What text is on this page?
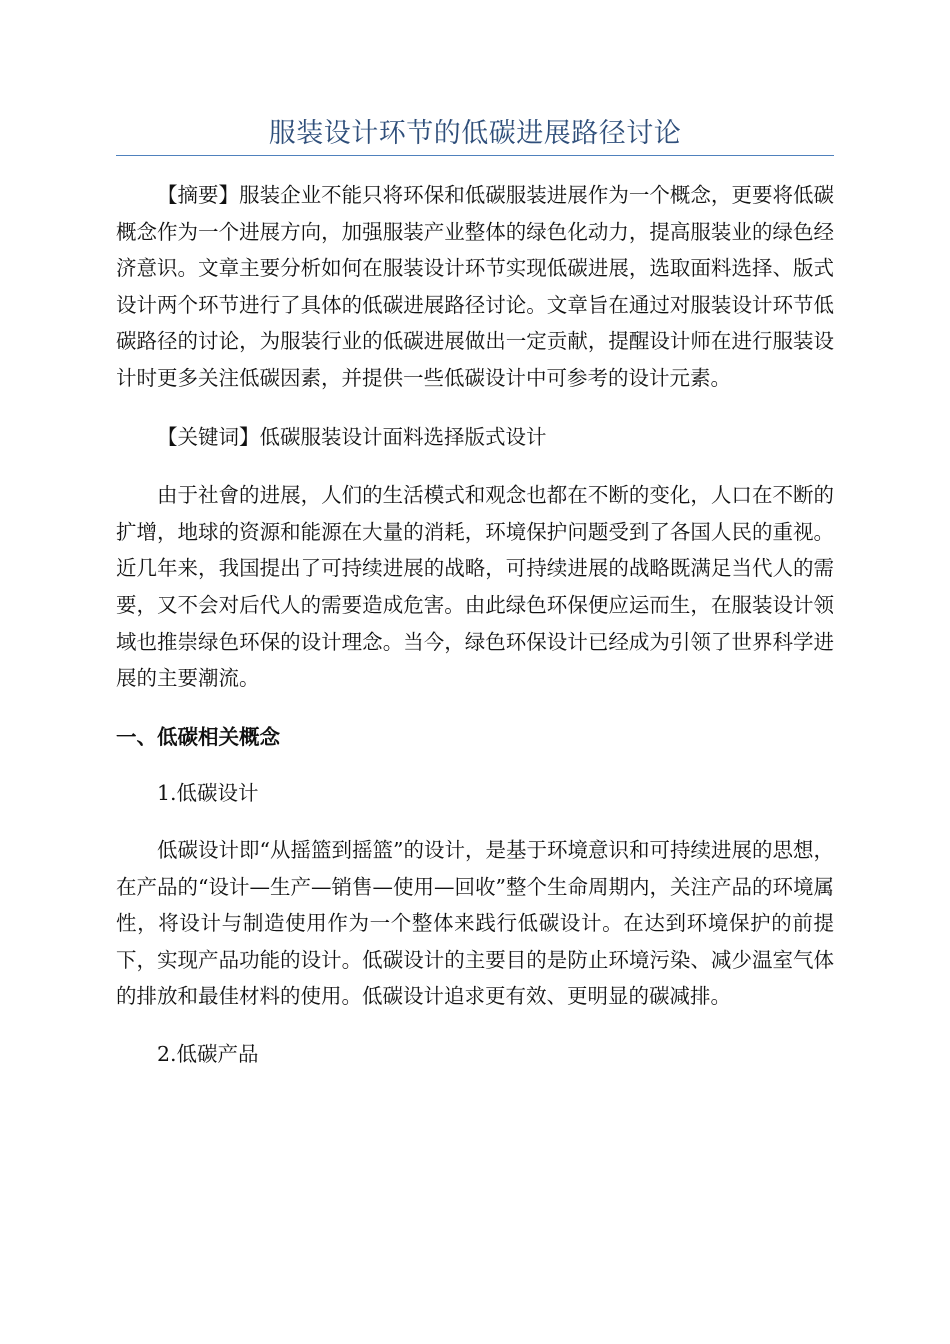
服装设计环节的低碳进展路径讨论

【摘要】服装企业不能只将环保和低碳服装进展作为一个概念，更要将低碳概念作为一个进展方向，加强服装产业整体的绿色化动力，提高服装业的绿色经济意识。文章主要分析如何在服装设计环节实现低碳进展，选取面料选择、版式设计两个环节进行了具体的低碳进展路径讨论。文章旨在通过对服装设计环节低碳路径的讨论，为服装行业的低碳进展做出一定贡献，提醒设计师在进行服装设计时更多关注低碳因素，并提供一些低碳设计中可参考的设计元素。

【关键词】低碳服装设计面料选择版式设计

由于社會的进展，人们的生活模式和观念也都在不断的变化，人口在不断的扩增，地球的资源和能源在大量的消耗，环境保护问题受到了各国人民的重视。近几年来，我国提出了可持续进展的战略，可持续进展的战略既满足当代人的需要，又不会对后代人的需要造成危害。由此绿色环保便应运而生，在服装设计领域也推崇绿色环保的设计理念。当今，绿色环保设计已经成为引领了世界科学进展的主要潮流。

一、低碳相关概念

1.低碳设计

低碳设计即“从摇篮到摇篮”的设计，是基于环境意识和可持续进展的思想，在产品的“设计—生产—销售—使用—回收”整个生命周期内，关注产品的环境属性，将设计与制造使用作为一个整体来践行低碳设计。在达到环境保护的前提下，实现产品功能的设计。低碳设计的主要目的是防止环境污染、减少温室气体的排放和最佳材料的使用。低碳设计追求更有效、更明显的碳减排。

2.低碳产品
